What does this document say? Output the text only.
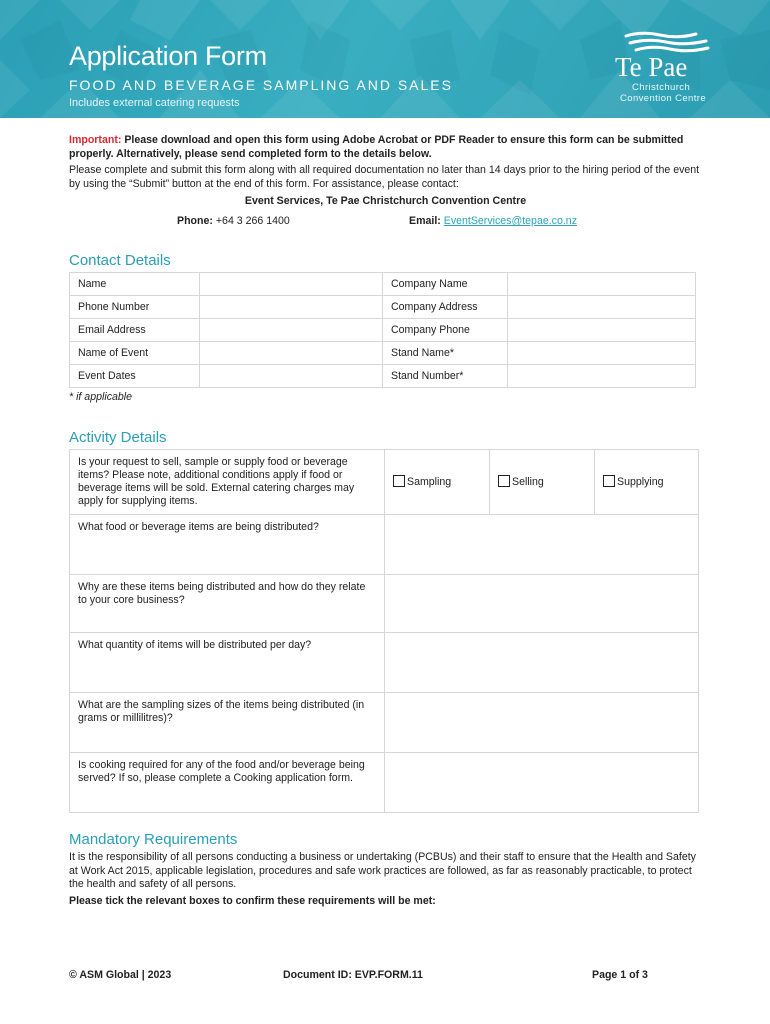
Application Form
FOOD AND BEVERAGE SAMPLING AND SALES
Includes external catering requests
Te Pae
Christchurch
Convention Centre
Important: Please download and open this form using Adobe Acrobat or PDF Reader to ensure this form can be submitted properly. Alternatively, please send completed form to the details below.
Please complete and submit this form along with all required documentation no later than 14 days prior to the hiring period of the event by using the “Submit” button at the end of this form. For assistance, please contact:
Event Services, Te Pae Christchurch Convention Centre
Phone: +64 3 266 1400	Email: EventServices@tepae.co.nz
Contact Details
Name		Company Name	
Phone Number		Company Address	
Email Address		Company Phone	
Name of Event		Stand Name*	
Event Dates		Stand Number*	
* if applicable
Activity Details
Is your request to sell, sample or supply food or beverage items? Please note, additional conditions apply if food or beverage items will be sold. External catering charges may apply for supplying items.	Sampling	Selling	Supplying
What food or beverage items are being distributed?			
Why are these items being distributed and how do they relate to your core business?			
What quantity of items will be distributed per day?			
What are the sampling sizes of the items being distributed (in grams or millilitres)?			
Is cooking required for any of the food and/or beverage being served? If so, please complete a Cooking application form.			
Mandatory Requirements
It is the responsibility of all persons conducting a business or undertaking (PCBUs) and their staff to ensure that the Health and Safety at Work Act 2015, applicable legislation, procedures and safe work practices are followed, as far as reasonably practicable, to protect the health and safety of all persons.
Please tick the relevant boxes to confirm these requirements will be met:
© ASM Global | 2023	Document ID: EVP.FORM.11	Page 1 of 3
